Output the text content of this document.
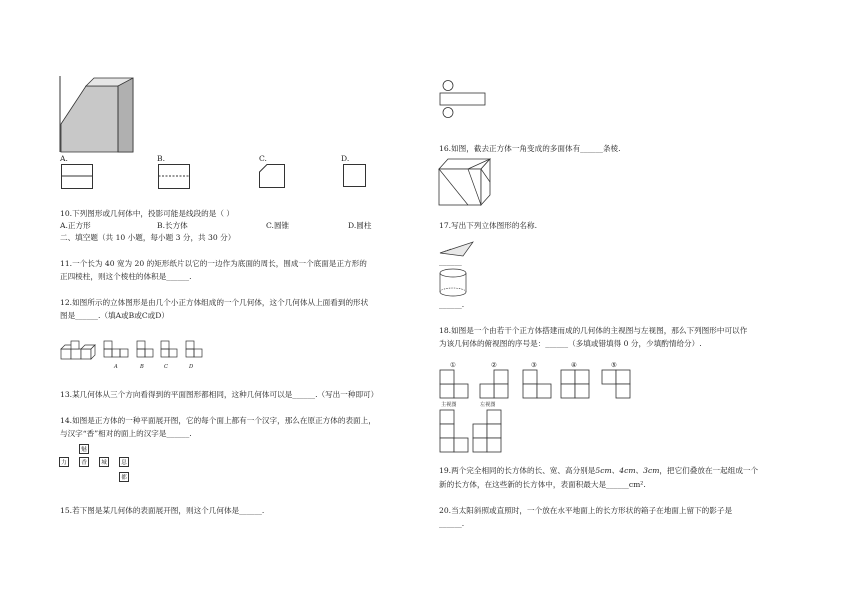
A.	B.	C.	D.
10.下列图形或几何体中，投影可能是线段的是（ ）
A.正方形	B.长方体	C.圆锥	D.圆柱
二、填空题（共 10 小题，每小题 3 分，共 30 分）
11.一个长为 40 宽为 20 的矩形纸片以它的一边作为底面的周长，围成一个底面是正方形的
正四棱柱，则这个棱柱的体积是______.
12.如图所示的立体图形是由几个小正方体组成的一个几何体，这个几何体从上面看到的形状
图是______.（填A或B或C或D）
A	B	C	D
13.某几何体从三个方向看得到的平面图形都相同，这种几何体可以是______.（写出一种即可）
14.如图是正方体的一种平面展开图，它的每个面上都有一个汉字，那么在原正方体的表面上，
与汉字“香”相对的面上的汉字是______.
魅
力	香	城	息
都
15.若下图是某几何体的表面展开图，则这个几何体是______.
16.如图，截去正方体一角变成的多面体有______条棱.
17.写出下列立体图形的名称.
______
______.
18.如图是一个由若干个正方体搭建而成的几何体的主视图与左视图，那么下列图形中可以作
为该几何体的俯视图的序号是：______（多填或错填得 0 分，少填酌情给分）.
①	②	③	④	⑤
主视图	左视图
19.两个完全相同的长方体的长、宽、高分别是5cm、4cm、3cm，把它们叠放在一起组成一个
新的长方体，在这些新的长方体中，表面积最大是______cm².
20.当太阳斜照或直照时，一个放在水平地面上的长方形状的箱子在地面上留下的影子是
______.
